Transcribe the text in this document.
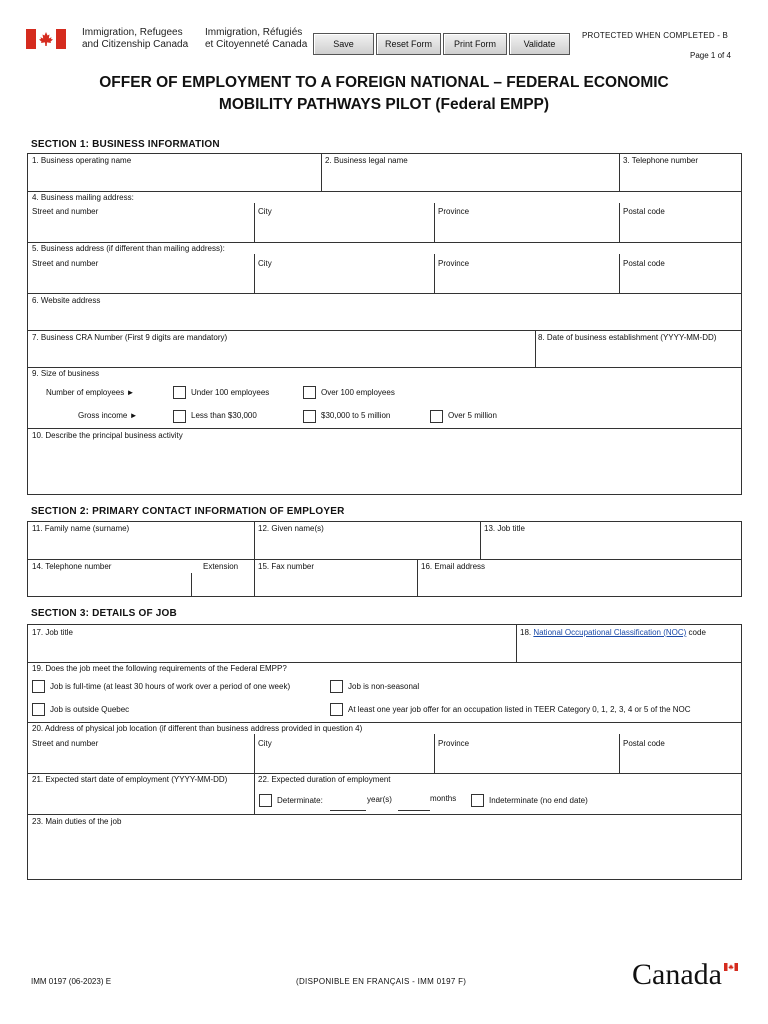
Immigration, Refugees
and Citizenship Canada
Immigration, Réfugiés
et Citoyenneté Canada	Save	Reset Form	Print Form	Validate
PROTECTED WHEN COMPLETED - B
Page 1 of 4
OFFER OF EMPLOYMENT TO A FOREIGN NATIONAL – FEDERAL ECONOMIC
MOBILITY PATHWAYS PILOT (Federal EMPP)
SECTION 1: BUSINESS INFORMATION
1. Business operating name	2. Business legal name	3. Telephone number
4. Business mailing address:
Street and number	City	Province	Postal code
5. Business address (if different than mailing address):
Street and number	City	Province	Postal code
6. Website address
7. Business CRA Number (First 9 digits are mandatory)	8. Date of business establishment (YYYY-MM-DD)
9. Size of business
Number of employees ►	Under 100 employees	Over 100 employees
Gross income ►	Less than $30,000	$30,000 to 5 million	Over 5 million
10. Describe the principal business activity
SECTION 2: PRIMARY CONTACT INFORMATION OF EMPLOYER
11. Family name (surname)	12. Given name(s)	13. Job title
14. Telephone number	Extension 15. Fax number	16. Email address
SECTION 3: DETAILS OF JOB
17. Job title	18. National Occupational Classification (NOC) code
19. Does the job meet the following requirements of the Federal EMPP?
Job is full-time (at least 30 hours of work over a period of one week)	Job is non-seasonal
Job is outside Quebec	At least one year job offer for an occupation listed in TEER Category 0, 1, 2, 3, 4 or 5 of the NOC
20. Address of physical job location (if different than business address provided in question 4)
Street and number	City	Province	Postal code
21. Expected start date of employment (YYYY-MM-DD)	22. Expected duration of employment
Determinate:	year(s)	months	Indeterminate (no end date)
23. Main duties of the job
IMM 0197 (06-2023) E	(DISPONIBLE EN FRANÇAIS - IMM 0197 F)	Canada
